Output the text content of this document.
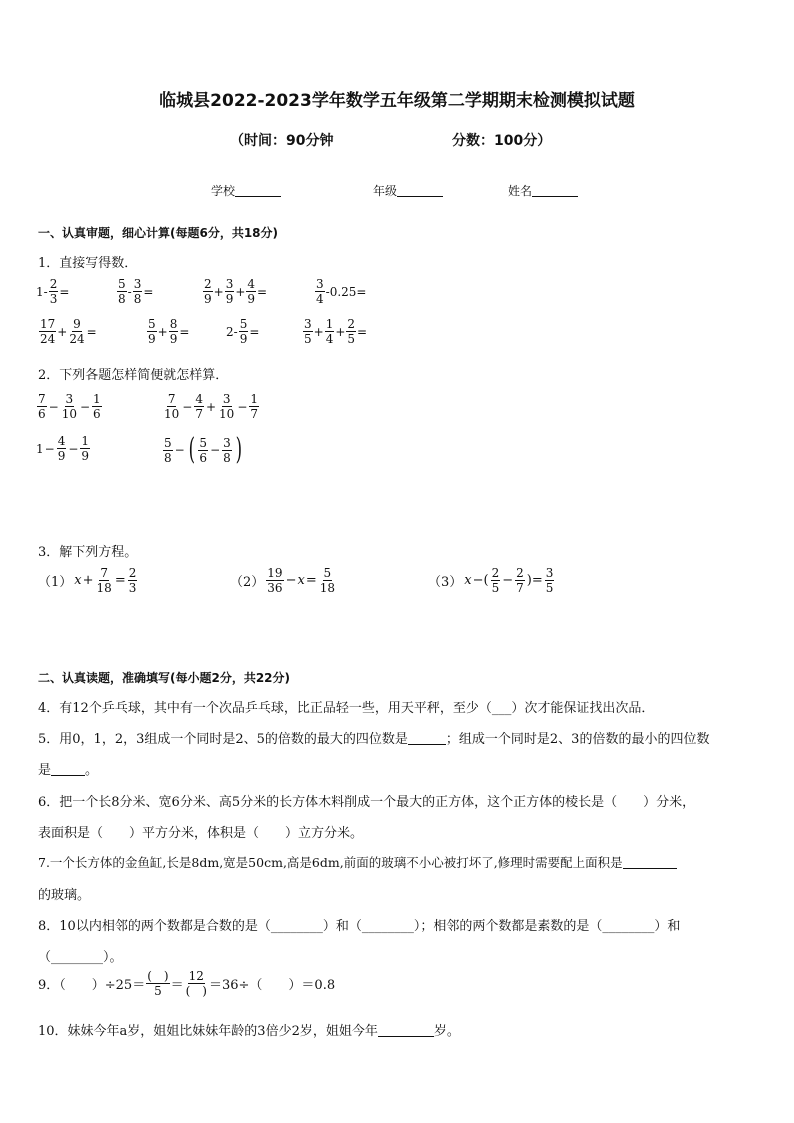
临城县2022-2023学年数学五年级第二学期期末检测模拟试题
（时间：90分钟	分数：100分）
学校	年级	姓名
一、认真审题，细心计算(每题6分，共18分)
1．直接写得数．
$1- \frac{2}{3}$ =	$\frac{5}{8} - \frac{3}{8}$ =	$\frac{2}{9} + \frac{3}{9} + \frac{4}{9}$ =	$\frac{3}{4} -0.25=$
$\frac{17}{24} + \frac{9}{24}$ =	$\frac{5}{9} + \frac{8}{9}$ =	$2- \frac{5}{9}$ =	$\frac{3}{5} + \frac{1}{4} + \frac{2}{5}$ =
2．下列各题怎样简便就怎样算．
$\frac{7}{6} - \frac{3}{10} - \frac{1}{6}$	$\frac{7}{10} - \frac{4}{7} + \frac{3}{10} - \frac{1}{7}$
$1 - \frac{4}{9} - \frac{1}{9}$	$\frac{5}{8}$ − ( $\frac{5}{6} - \frac{3}{8}$ )
3．解下列方程。
（1） $x + \frac{7}{18} = \frac{2}{3}$	$(2) \frac{19}{36} - x = \frac{5}{18}$	（3） x −( $\frac{2}{5} - \frac{2}{7}$ )= $\frac{3}{5}$
二、认真读题，准确填写(每小题2分，共22分)
4．有12个乒乓球，其中有一个次品乒乓球，比正品轻一些，用天平秤，至少（___）次才能保证找出次品．
5．用0，1，2，3组成一个同时是2、5的倍数的最大的四位数是	；组成一个同时是2、3的倍数的最小的四位数
是	。
6．把一个长8分米、宽6分米、高5分米的长方体木料削成一个最大的正方体，这个正方体的棱长是（　　）分米，
表面积是（　　）平方分米，体积是（　　）立方分米。
7.一个长方体的金鱼缸,长是8dm,宽是50cm,高是6dm,前面的玻璃不小心被打坏了,修理时需要配上面积是
的玻璃。
8．10以内相邻的两个数都是合数的是（________）和（________）；相邻的两个数都是素数的是（________）和
（________）。
9．（　　）$\div 25= \frac{( )}{5} = \frac{12}{( )} =36\div$（　　）＝0.8
10．妹妹今年a岁，姐姐比妹妹年龄的3倍少2岁，姐姐今年	岁。
